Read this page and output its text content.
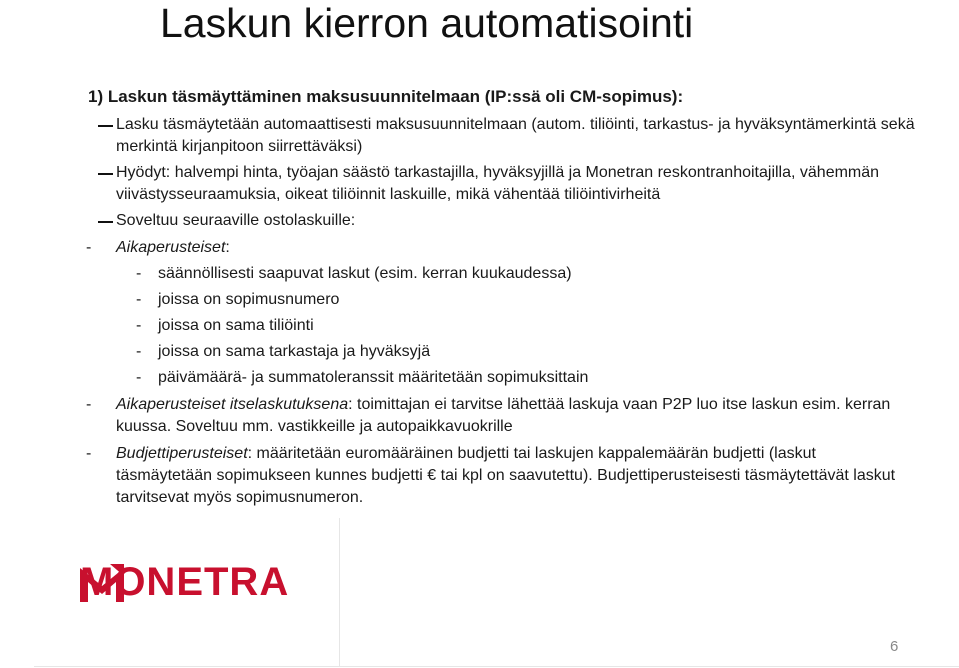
Laskun kierron automatisointi
1) Laskun täsmäyttäminen maksusuunnitelmaan (IP:ssä oli CM-sopimus):
Lasku täsmäytetään automaattisesti maksusuunnitelmaan (autom. tiliöinti, tarkastus- ja hyväksyntämerkintä sekä merkintä kirjanpitoon siirrettäväksi)
Hyödyt: halvempi hinta, työajan säästö tarkastajilla, hyväksyjillä ja Monetran reskontranhoitajilla, vähemmän viivästysseuraamuksia, oikeat tiliöinnit laskuille, mikä vähentää tiliöintivirheitä
Soveltuu seuraaville ostolaskuille:
-	Aikaperusteiset:
-	säännöllisesti saapuvat laskut (esim. kerran kuukaudessa)
-	joissa on sopimusnumero
-	joissa on sama tiliöinti
-	joissa on sama tarkastaja ja hyväksyjä
-	päivämäärä- ja summatoleranssit määritetään sopimuksittain
-	Aikaperusteiset itselaskutuksena: toimittajan ei tarvitse lähettää laskuja vaan P2P luo itse laskun esim. kerran kuussa. Soveltuu mm. vastikkeille ja autopaikkavuokrille
-	Budjettiperusteiset: määritetään euromääräinen budjetti tai laskujen kappalemäärän budjetti (laskut täsmäytetään sopimukseen kunnes budjetti € tai kpl on saavutettu). Budjettiperusteisesti täsmäytettävät laskut tarvitsevat myös sopimusnumeron.
MONETRA
6
